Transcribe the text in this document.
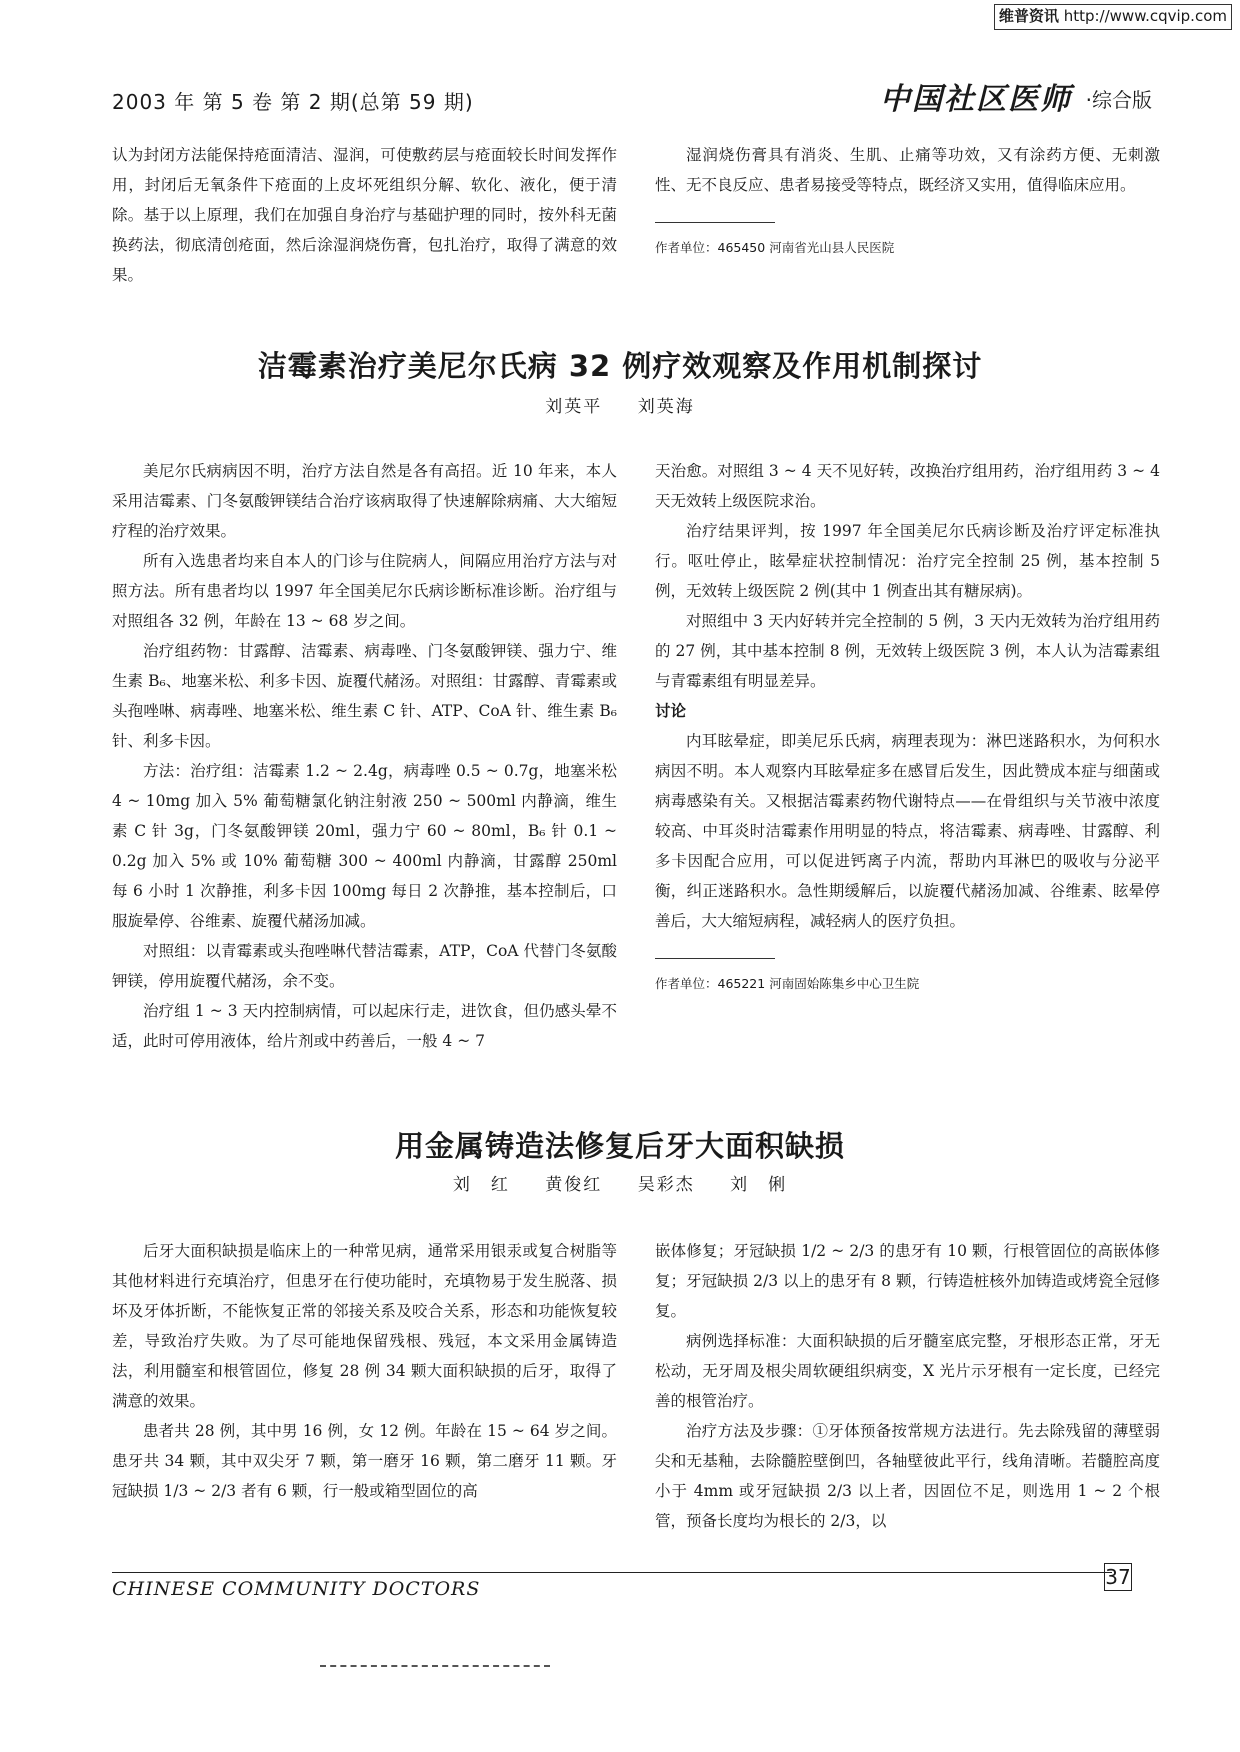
维普资讯 http://www.cqvip.com
2003 年 第 5 卷 第 2 期(总第 59 期)	中国社区医师 ·综合版

认为封闭方法能保持疮面清洁、湿润，可使敷药层与疮面较长时间发挥作用，封闭后无氧条件下疮面的上皮坏死组织分解、软化、液化，便于清除。基于以上原理，我们在加强自身治疗与基础护理的同时，按外科无菌换药法，彻底清创疮面，然后涂湿润烧伤膏，包扎治疗，取得了满意的效果。

湿润烧伤膏具有消炎、生肌、止痛等功效，又有涂药方便、无刺激性、无不良反应、患者易接受等特点，既经济又实用，值得临床应用。

作者单位：465450 河南省光山县人民医院
洁霉素治疗美尼尔氏病 32 例疗效观察及作用机制探讨
刘英平 刘英海

美尼尔氏病病因不明，治疗方法自然是各有高招。近 10 年来，本人采用洁霉素、门冬氨酸钾镁结合治疗该病取得了快速解除病痛、大大缩短疗程的治疗效果。

所有入选患者均来自本人的门诊与住院病人，间隔应用治疗方法与对照方法。所有患者均以 1997 年全国美尼尔氏病诊断标准诊断。治疗组与对照组各 32 例，年龄在 13 ~ 68 岁之间。

治疗组药物：甘露醇、洁霉素、病毒唑、门冬氨酸钾镁、强力宁、维生素 B₆、地塞米松、利多卡因、旋覆代赭汤。对照组：甘露醇、青霉素或头孢唑啉、病毒唑、地塞米松、维生素 C 针、ATP、CoA 针、维生素 B₆ 针、利多卡因。

方法：治疗组：洁霉素 1.2 ~ 2.4g，病毒唑 0.5 ~ 0.7g，地塞米松 4 ~ 10mg 加入 5% 葡萄糖氯化钠注射液 250 ~ 500ml 内静滴，维生素 C 针 3g，门冬氨酸钾镁 20ml，强力宁 60 ~ 80ml，B₆ 针 0.1 ~ 0.2g 加入 5% 或 10% 葡萄糖 300 ~ 400ml 内静滴，甘露醇 250ml 每 6 小时 1 次静推，利多卡因 100mg 每日 2 次静推，基本控制后，口服旋晕停、谷维素、旋覆代赭汤加减。

对照组：以青霉素或头孢唑啉代替洁霉素，ATP，CoA 代替门冬氨酸钾镁，停用旋覆代赭汤，余不变。

治疗组 1 ~ 3 天内控制病情，可以起床行走，进饮食，但仍感头晕不适，此时可停用液体，给片剂或中药善后，一般 4 ~ 7

天治愈。对照组 3 ~ 4 天不见好转，改换治疗组用药，治疗组用药 3 ~ 4 天无效转上级医院求治。

治疗结果评判，按 1997 年全国美尼尔氏病诊断及治疗评定标准执行。呕吐停止，眩晕症状控制情况：治疗完全控制 25 例，基本控制 5 例，无效转上级医院 2 例(其中 1 例查出其有糖尿病)。

对照组中 3 天内好转并完全控制的 5 例，3 天内无效转为治疗组用药的 27 例，其中基本控制 8 例，无效转上级医院 3 例，本人认为洁霉素组与青霉素组有明显差异。

讨论

内耳眩晕症，即美尼乐氏病，病理表现为：淋巴迷路积水，为何积水病因不明。本人观察内耳眩晕症多在感冒后发生，因此赞成本症与细菌或病毒感染有关。又根据洁霉素药物代谢特点——在骨组织与关节液中浓度较高、中耳炎时洁霉素作用明显的特点，将洁霉素、病毒唑、甘露醇、利多卡因配合应用，可以促进钙离子内流，帮助内耳淋巴的吸收与分泌平衡，纠正迷路积水。急性期缓解后，以旋覆代赭汤加减、谷维素、眩晕停善后，大大缩短病程，减轻病人的医疗负担。

作者单位：465221 河南固始陈集乡中心卫生院
用金属铸造法修复后牙大面积缺损
刘　红 黄俊红 吴彩杰 刘　俐

后牙大面积缺损是临床上的一种常见病，通常采用银汞或复合树脂等其他材料进行充填治疗，但患牙在行使功能时，充填物易于发生脱落、损坏及牙体折断，不能恢复正常的邻接关系及咬合关系，形态和功能恢复较差，导致治疗失败。为了尽可能地保留残根、残冠，本文采用金属铸造法，利用髓室和根管固位，修复 28 例 34 颗大面积缺损的后牙，取得了满意的效果。

患者共 28 例，其中男 16 例，女 12 例。年龄在 15 ~ 64 岁之间。患牙共 34 颗，其中双尖牙 7 颗，第一磨牙 16 颗，第二磨牙 11 颗。牙冠缺损 1/3 ~ 2/3 者有 6 颗，行一般或箱型固位的高

嵌体修复；牙冠缺损 1/2 ~ 2/3 的患牙有 10 颗，行根管固位的高嵌体修复；牙冠缺损 2/3 以上的患牙有 8 颗，行铸造桩核外加铸造或烤瓷全冠修复。

病例选择标准：大面积缺损的后牙髓室底完整，牙根形态正常，牙无松动，无牙周及根尖周软硬组织病变，X 光片示牙根有一定长度，已经完善的根管治疗。

治疗方法及步骤：①牙体预备按常规方法进行。先去除残留的薄壁弱尖和无基釉，去除髓腔壁倒凹，各轴壁彼此平行，线角清晰。若髓腔高度小于 4mm 或牙冠缺损 2/3 以上者，因固位不足，则选用 1 ~ 2 个根管，预备长度均为根长的 2/3，以

CHINESE COMMUNITY DOCTORS	37
